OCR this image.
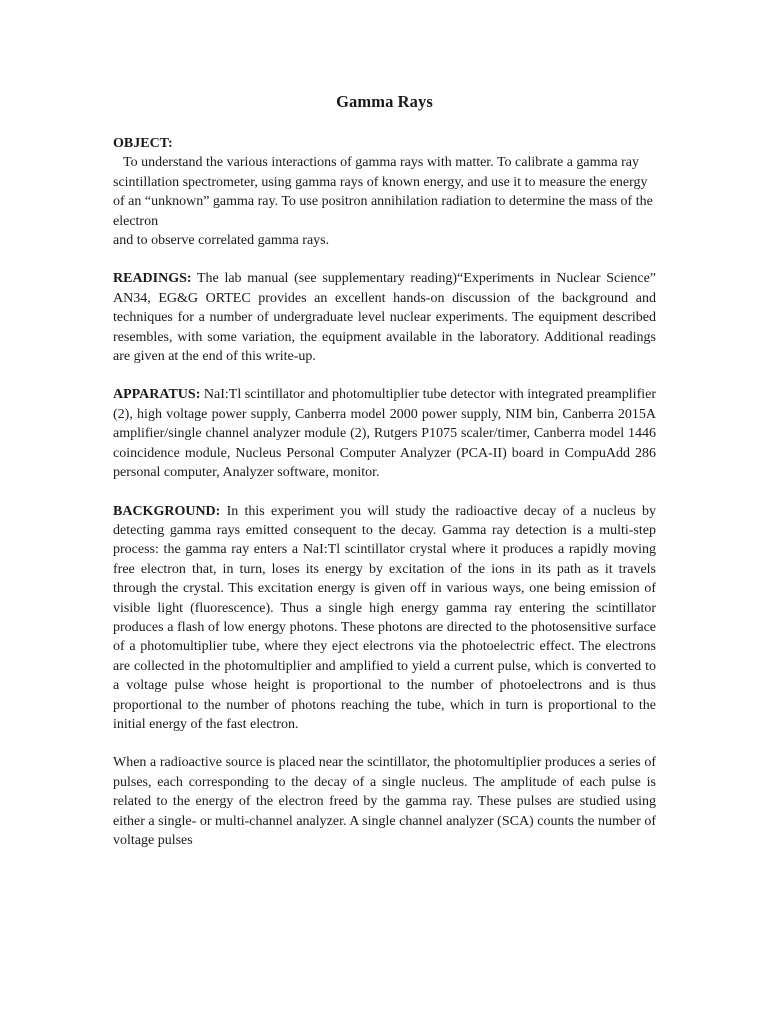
Gamma Rays

OBJECT:

To understand the various interactions of gamma rays with matter. To calibrate a gamma ray scintillation spectrometer, using gamma rays of known energy, and use it to measure the energy of an “unknown” gamma ray. To use positron annihilation radiation to determine the mass of the electron

and to observe correlated gamma rays.

READINGS: The lab manual (see supplementary reading)“Experiments in Nuclear Science” AN34, EG&G ORTEC provides an excellent hands-on discussion of the background and techniques for a number of undergraduate level nuclear experiments. The equipment described resembles, with some variation, the equipment available in the laboratory. Additional readings are given at the end of this write-up.

APPARATUS: NaI:Tl scintillator and photomultiplier tube detector with integrated preamplifier (2), high voltage power supply, Canberra model 2000 power supply, NIM bin, Canberra 2015A amplifier/single channel analyzer module (2), Rutgers P1075 scaler/timer, Canberra model 1446 coincidence module, Nucleus Personal Computer Analyzer (PCA-II) board in CompuAdd 286 personal computer, Analyzer software, monitor.

BACKGROUND: In this experiment you will study the radioactive decay of a nucleus by detecting gamma rays emitted consequent to the decay. Gamma ray detection is a multi-step process: the gamma ray enters a NaI:Tl scintillator crystal where it produces a rapidly moving free electron that, in turn, loses its energy by excitation of the ions in its path as it travels through the crystal. This excitation energy is given off in various ways, one being emission of visible light (fluorescence). Thus a single high energy gamma ray entering the scintillator produces a flash of low energy photons. These photons are directed to the photosensitive surface of a photomultiplier tube, where they eject electrons via the photoelectric effect. The electrons are collected in the photomultiplier and amplified to yield a current pulse, which is converted to a voltage pulse whose height is proportional to the number of photoelectrons and is thus proportional to the number of photons reaching the tube, which in turn is proportional to the initial energy of the fast electron.

When a radioactive source is placed near the scintillator, the photomultiplier produces a series of pulses, each corresponding to the decay of a single nucleus. The amplitude of each pulse is related to the energy of the electron freed by the gamma ray. These pulses are studied using either a single- or multi-channel analyzer. A single channel analyzer (SCA) counts the number of voltage pulses
